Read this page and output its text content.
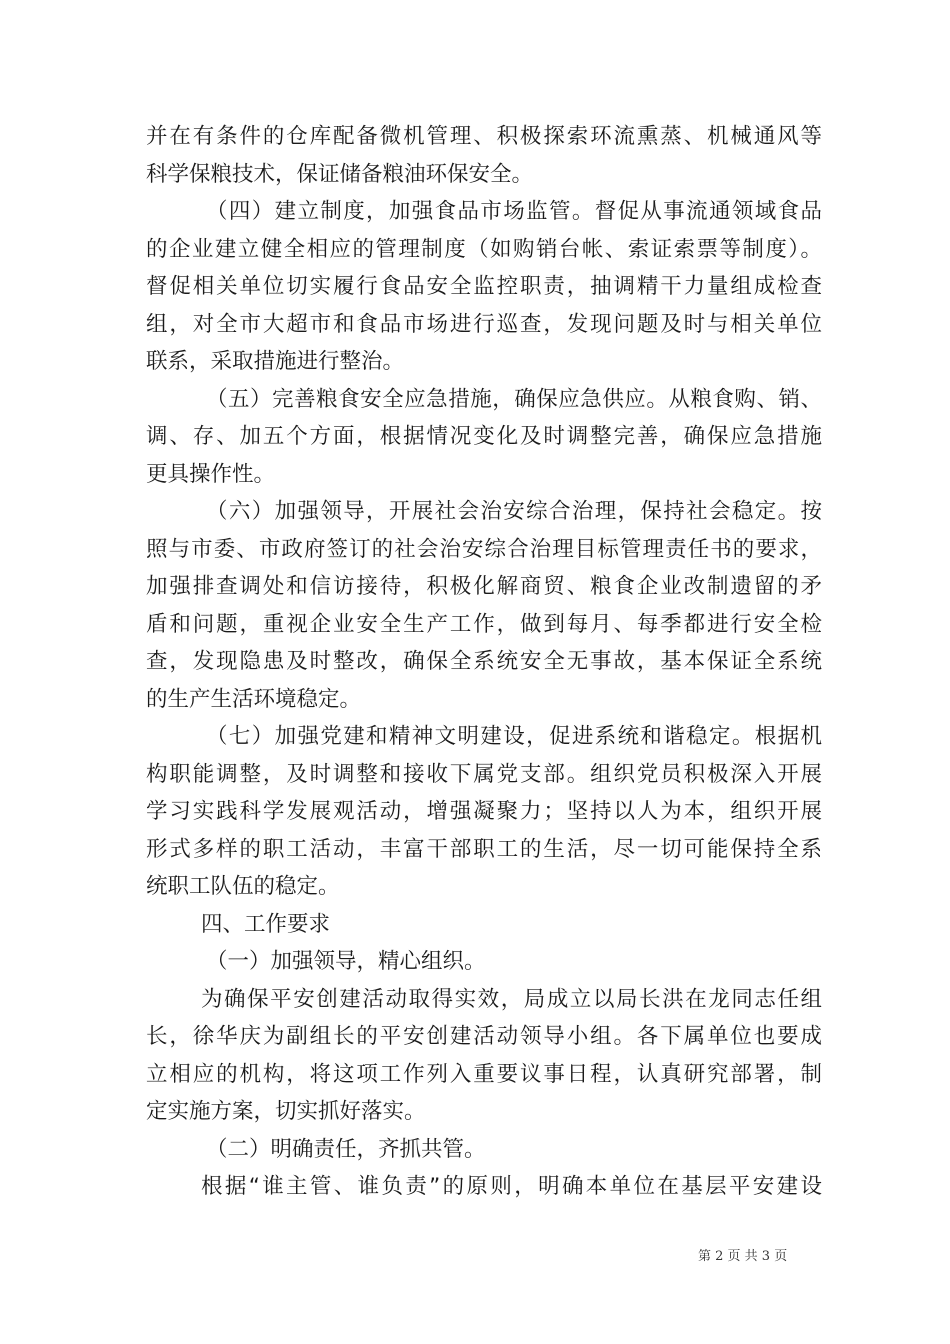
并在有条件的仓库配备微机管理、积极探索环流熏蒸、机械通风等
科学保粮技术，保证储备粮油环保安全。
（四）建立制度，加强食品市场监管。督促从事流通领域食品
的企业建立健全相应的管理制度（如购销台帐、索证索票等制度）。
督促相关单位切实履行食品安全监控职责，抽调精干力量组成检查
组，对全市大超市和食品市场进行巡查，发现问题及时与相关单位
联系，采取措施进行整治。
（五）完善粮食安全应急措施，确保应急供应。从粮食购、销、
调、存、加五个方面，根据情况变化及时调整完善，确保应急措施
更具操作性。
（六）加强领导，开展社会治安综合治理，保持社会稳定。按
照与市委、市政府签订的社会治安综合治理目标管理责任书的要求，
加强排查调处和信访接待，积极化解商贸、粮食企业改制遗留的矛
盾和问题，重视企业安全生产工作，做到每月、每季都进行安全检
查，发现隐患及时整改，确保全系统安全无事故，基本保证全系统
的生产生活环境稳定。
（七）加强党建和精神文明建设，促进系统和谐稳定。根据机
构职能调整，及时调整和接收下属党支部。组织党员积极深入开展
学习实践科学发展观活动，增强凝聚力；坚持以人为本，组织开展
形式多样的职工活动，丰富干部职工的生活，尽一切可能保持全系
统职工队伍的稳定。
四、工作要求
（一）加强领导，精心组织。
为确保平安创建活动取得实效，局成立以局长洪在龙同志任组
长，徐华庆为副组长的平安创建活动领导小组。各下属单位也要成
立相应的机构，将这项工作列入重要议事日程，认真研究部署，制
定实施方案，切实抓好落实。
（二）明确责任，齐抓共管。
根据“谁主管、谁负责”的原则，明确本单位在基层平安建设
第 2 页 共 3 页
